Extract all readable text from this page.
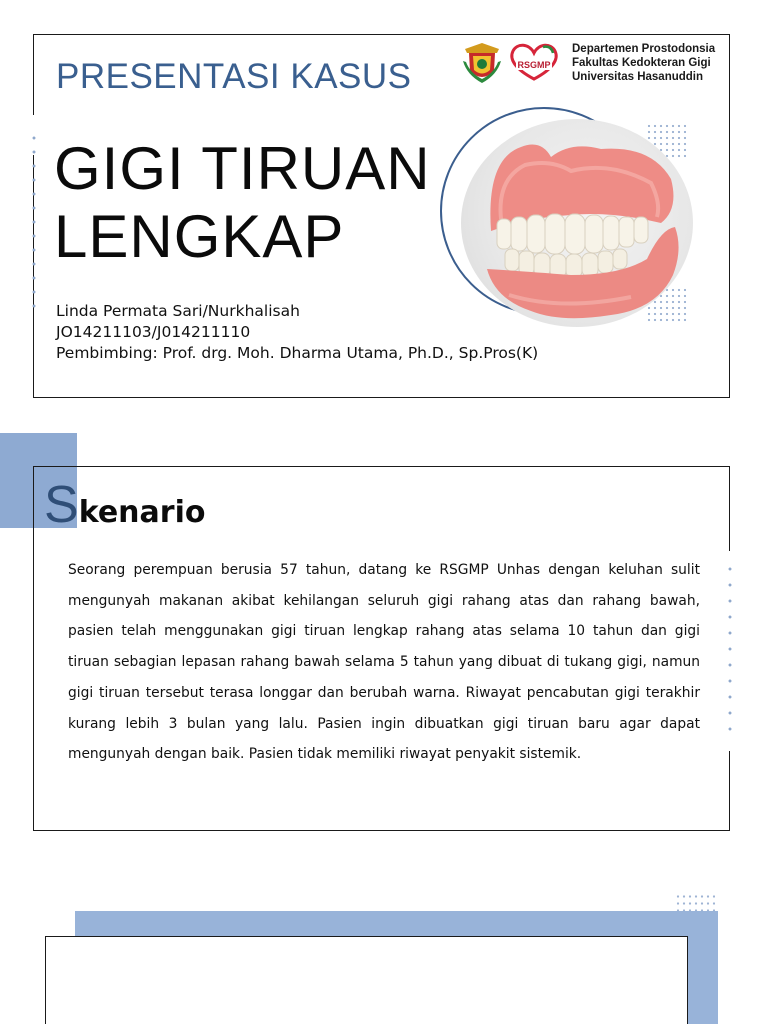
PRESENTASI KASUS
GIGI TIRUAN
LENGKAP
Linda Permata Sari/Nurkhalisah
JO14211103/J014211110
Pembimbing: Prof. drg. Moh. Dharma Utama, Ph.D., Sp.Pros(K)
RSGMP
Departemen Prostodonsia
Fakultas Kedokteran Gigi
Universitas Hasanuddin
Skenario

Seorang perempuan berusia 57 tahun, datang ke RSGMP Unhas dengan keluhan sulit mengunyah makanan akibat kehilangan seluruh gigi rahang atas dan rahang bawah, pasien telah menggunakan gigi tiruan lengkap rahang atas selama 10 tahun dan gigi tiruan sebagian lepasan rahang bawah selama 5 tahun yang dibuat di tukang gigi, namun gigi tiruan tersebut terasa longgar dan berubah warna. Riwayat pencabutan gigi terakhir kurang lebih 3 bulan yang lalu. Pasien ingin dibuatkan gigi tiruan baru agar dapat mengunyah dengan baik. Pasien tidak memiliki riwayat penyakit sistemik.
